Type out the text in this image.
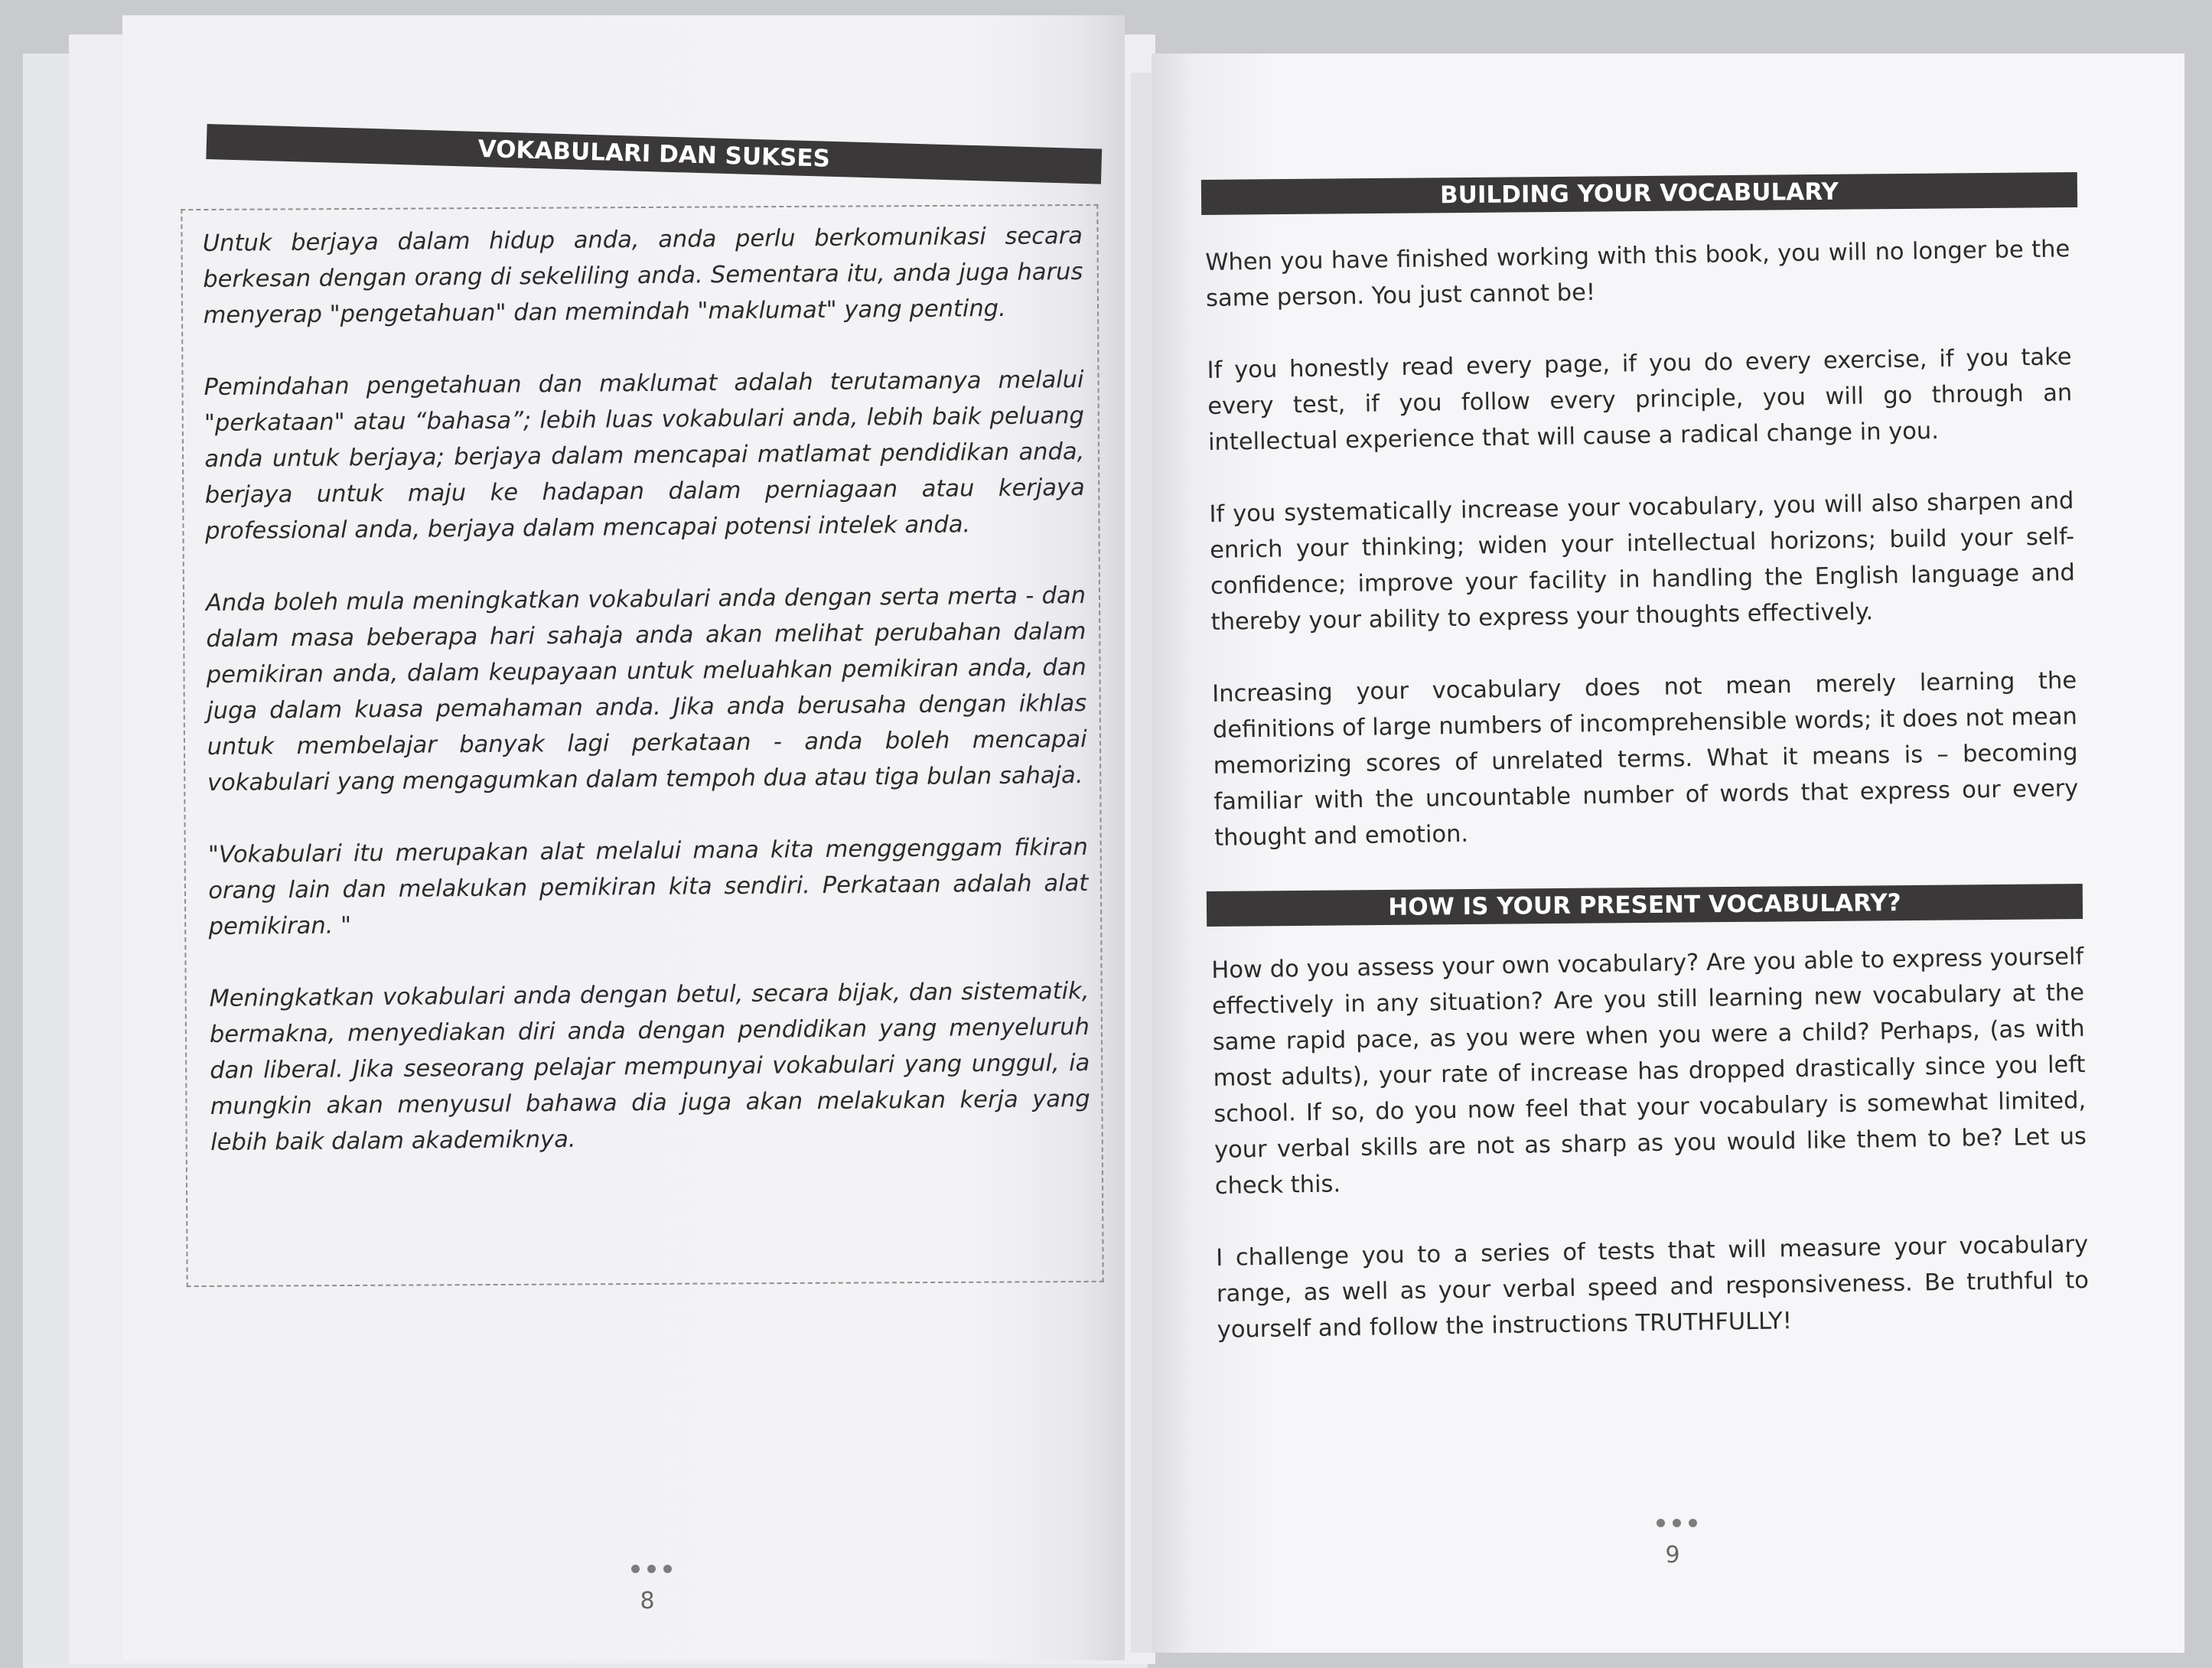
VOKABULARI DAN SUKSES

Untuk berjaya dalam hidup anda, anda perlu berkomunikasi secara berkesan dengan orang di sekeliling anda. Sementara itu, anda juga harus menyerap "pengetahuan" dan memindah "maklumat" yang penting.

Pemindahan pengetahuan dan maklumat adalah terutamanya melalui "perkataan" atau “bahasa”; lebih luas vokabulari anda, lebih baik peluang anda untuk berjaya; berjaya dalam mencapai matlamat pendidikan anda, berjaya untuk maju ke hadapan dalam perniagaan atau kerjaya professional anda, berjaya dalam mencapai potensi intelek anda.

Anda boleh mula meningkatkan vokabulari anda dengan serta merta - dan dalam masa beberapa hari sahaja anda akan melihat perubahan dalam pemikiran anda, dalam keupayaan untuk meluahkan pemikiran anda, dan juga dalam kuasa pemahaman anda. Jika anda berusaha dengan ikhlas untuk membelajar banyak lagi perkataan - anda boleh mencapai vokabulari yang mengagumkan dalam tempoh dua atau tiga bulan sahaja.

"Vokabulari itu merupakan alat melalui mana kita menggenggam fikiran orang lain dan melakukan pemikiran kita sendiri. Perkataan adalah alat pemikiran. "

Meningkatkan vokabulari anda dengan betul, secara bijak, dan sistematik, bermakna, menyediakan diri anda dengan pendidikan yang menyeluruh dan liberal. Jika seseorang pelajar mempunyai vokabulari yang unggul, ia mungkin akan menyusul bahawa dia juga akan melakukan kerja yang lebih baik dalam akademiknya.

8
BUILDING YOUR VOCABULARY

When you have finished working with this book, you will no longer be the same person. You just cannot be!

If you honestly read every page, if you do every exercise, if you take every test, if you follow every principle, you will go through an intellectual experience that will cause a radical change in you.

If you systematically increase your vocabulary, you will also sharpen and enrich your thinking; widen your intellectual horizons; build your self-confidence; improve your facility in handling the English language and thereby your ability to express your thoughts effectively.

Increasing your vocabulary does not mean merely learning the definitions of large numbers of incomprehensible words; it does not mean memorizing scores of unrelated terms. What it means is – becoming familiar with the uncountable number of words that express our every thought and emotion.

HOW IS YOUR PRESENT VOCABULARY?

How do you assess your own vocabulary? Are you able to express yourself effectively in any situation? Are you still learning new vocabulary at the same rapid pace, as you were when you were a child? Perhaps, (as with most adults), your rate of increase has dropped drastically since you left school. If so, do you now feel that your vocabulary is somewhat limited, your verbal skills are not as sharp as you would like them to be? Let us check this.

I challenge you to a series of tests that will measure your vocabulary range, as well as your verbal speed and responsiveness. Be truthful to yourself and follow the instructions TRUTHFULLY!

9
